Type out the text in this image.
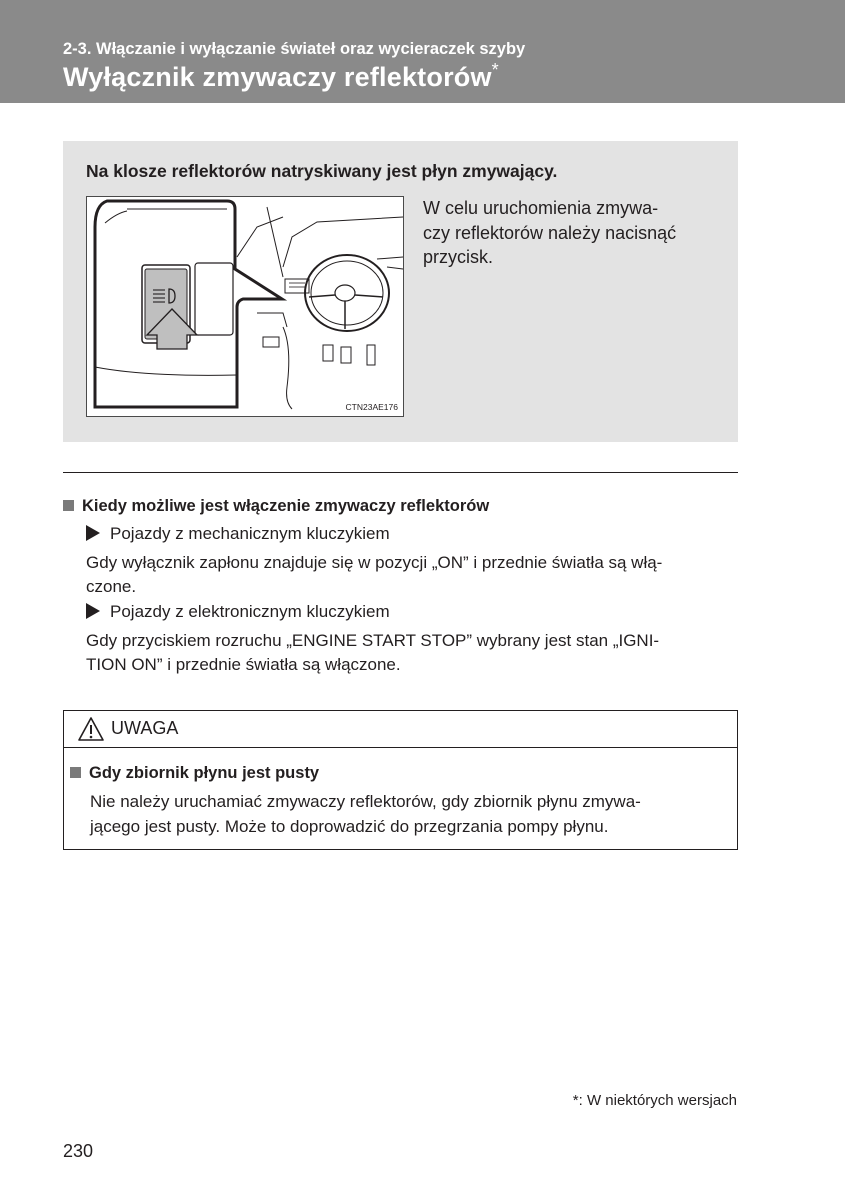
2-3. Włączanie i wyłączanie świateł oraz wycieraczek szyby
Wyłącznik zmywaczy reflektorów*
Na klosze reflektorów natryskiwany jest płyn zmywający.
CTN23AE176
W celu uruchomienia zmywa-
czy reflektorów należy nacisnąć
przycisk.
Kiedy możliwe jest włączenie zmywaczy reflektorów
Pojazdy z mechanicznym kluczykiem
Gdy wyłącznik zapłonu znajduje się w pozycji „ON” i przednie światła są włą-
czone.
Pojazdy z elektronicznym kluczykiem
Gdy przyciskiem rozruchu „ENGINE START STOP” wybrany jest stan „IGNI-
TION ON” i przednie światła są włączone.
UWAGA
Gdy zbiornik płynu jest pusty
Nie należy uruchamiać zmywaczy reflektorów, gdy zbiornik płynu zmywa-
jącego jest pusty. Może to doprowadzić do przegrzania pompy płynu.
*: W niektórych wersjach
230
